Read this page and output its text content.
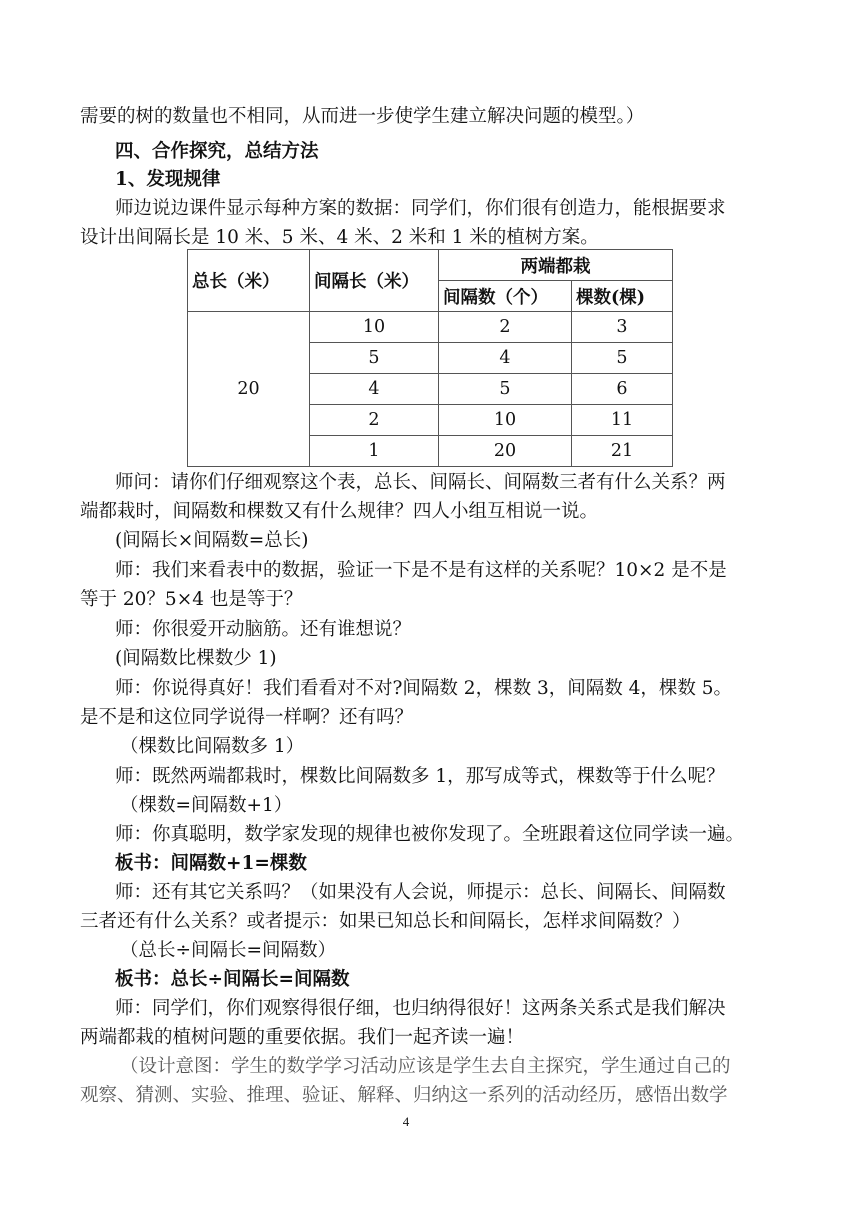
需要的树的数量也不相同，从而进一步使学生建立解决问题的模型。）
四、合作探究，总结方法
1、发现规律
师边说边课件显示每种方案的数据：同学们，你们很有创造力，能根据要求
设计出间隔长是 10 米、5 米、4 米、2 米和 1 米的植树方案。
总长（米）	间隔长（米）	两端都栽	
		间隔数（个）	棵数(棵)
20	10	2	3
	5	4	5
	4	5	6
	2	10	11
	1	20	21
师问：请你们仔细观察这个表，总长、间隔长、间隔数三者有什么关系？两
端都栽时，间隔数和棵数又有什么规律？四人小组互相说一说。
(间隔长×间隔数=总长)
师：我们来看表中的数据，验证一下是不是有这样的关系呢？10×2 是不是
等于 20？5×4 也是等于？
师：你很爱开动脑筋。还有谁想说？
(间隔数比棵数少 1)
师：你说得真好！我们看看对不对?间隔数 2，棵数 3，间隔数 4，棵数 5。
是不是和这位同学说得一样啊？还有吗？
（棵数比间隔数多 1）
师：既然两端都栽时，棵数比间隔数多 1，那写成等式，棵数等于什么呢？
（棵数=间隔数+1）
师：你真聪明，数学家发现的规律也被你发现了。全班跟着这位同学读一遍。
板书：间隔数+1=棵数
师：还有其它关系吗？（如果没有人会说，师提示：总长、间隔长、间隔数
三者还有什么关系？或者提示：如果已知总长和间隔长，怎样求间隔数？）
（总长÷间隔长=间隔数）
板书：总长÷间隔长=间隔数
师：同学们，你们观察得很仔细，也归纳得很好！这两条关系式是我们解决
两端都栽的植树问题的重要依据。我们一起齐读一遍！
（设计意图：学生的数学学习活动应该是学生去自主探究，学生通过自己的
观察、猜测、实验、推理、验证、解释、归纳这一系列的活动经历，感悟出数学
4
